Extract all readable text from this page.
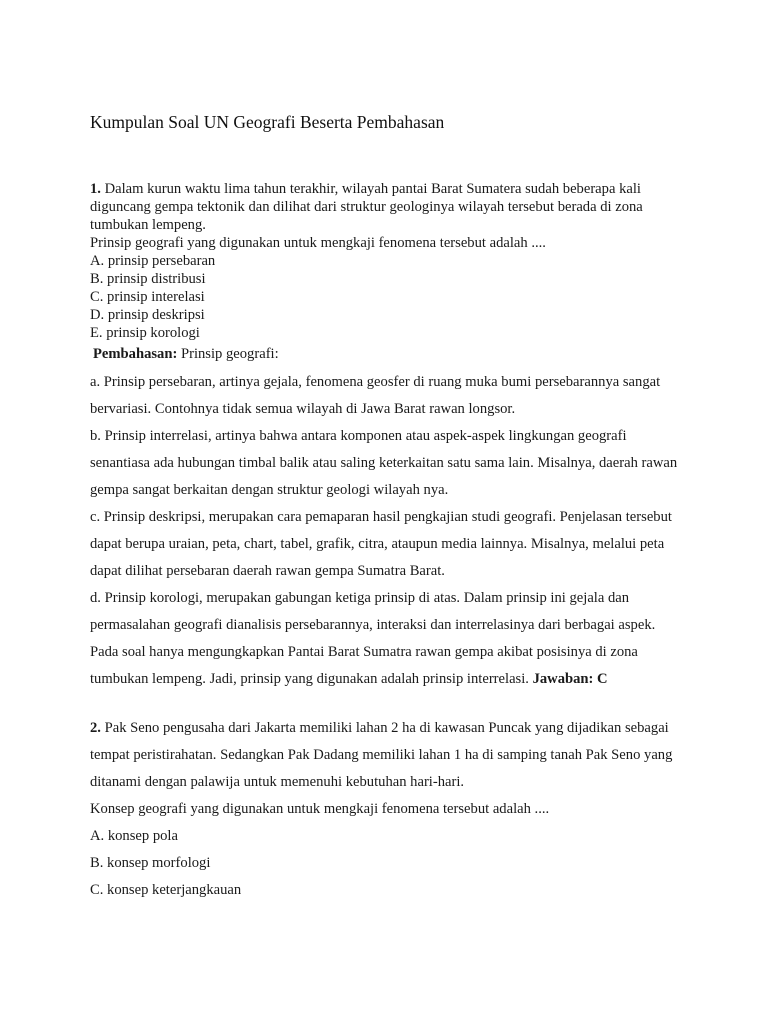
Kumpulan Soal UN Geografi Beserta Pembahasan

1. Dalam kurun waktu lima tahun terakhir, wilayah pantai Barat Sumatera sudah beberapa kali diguncang gempa tektonik dan dilihat dari struktur geologinya wilayah tersebut berada di zona tumbukan lempeng.

Prinsip geografi yang digunakan untuk mengkaji fenomena tersebut adalah ....

A. prinsip persebaran

B. prinsip distribusi

C. prinsip interelasi

D. prinsip deskripsi

E. prinsip korologi

Pembahasan: Prinsip geografi:

a. Prinsip persebaran, artinya gejala, fenomena geosfer di ruang muka bumi persebarannya sangat bervariasi. Contohnya tidak semua wilayah di Jawa Barat rawan longsor.

b. Prinsip interrelasi, artinya bahwa antara komponen atau aspek-aspek lingkungan geografi senantiasa ada hubungan timbal balik atau saling keterkaitan satu sama lain. Misalnya, daerah rawan gempa sangat berkaitan dengan struktur geologi wilayah nya.

c. Prinsip deskripsi, merupakan cara pemaparan hasil pengkajian studi geografi. Penjelasan tersebut dapat berupa uraian, peta, chart, tabel, grafik, citra, ataupun media lainnya. Misalnya, melalui peta dapat dilihat persebaran daerah rawan gempa Sumatra Barat.

d. Prinsip korologi, merupakan gabungan ketiga prinsip di atas. Dalam prinsip ini gejala dan permasalahan geografi dianalisis persebarannya, interaksi dan interrelasinya dari berbagai aspek.

Pada soal hanya mengungkapkan Pantai Barat Sumatra rawan gempa akibat posisinya di zona tumbukan lempeng. Jadi, prinsip yang digunakan adalah prinsip interrelasi. Jawaban: C

2. Pak Seno pengusaha dari Jakarta memiliki lahan 2 ha di kawasan Puncak yang dijadikan sebagai tempat peristirahatan. Sedangkan Pak Dadang memiliki lahan 1 ha di samping tanah Pak Seno yang ditanami dengan palawija untuk memenuhi kebutuhan hari-hari.

Konsep geografi yang digunakan untuk mengkaji fenomena tersebut adalah ....

A. konsep pola

B. konsep morfologi

C. konsep keterjangkauan
